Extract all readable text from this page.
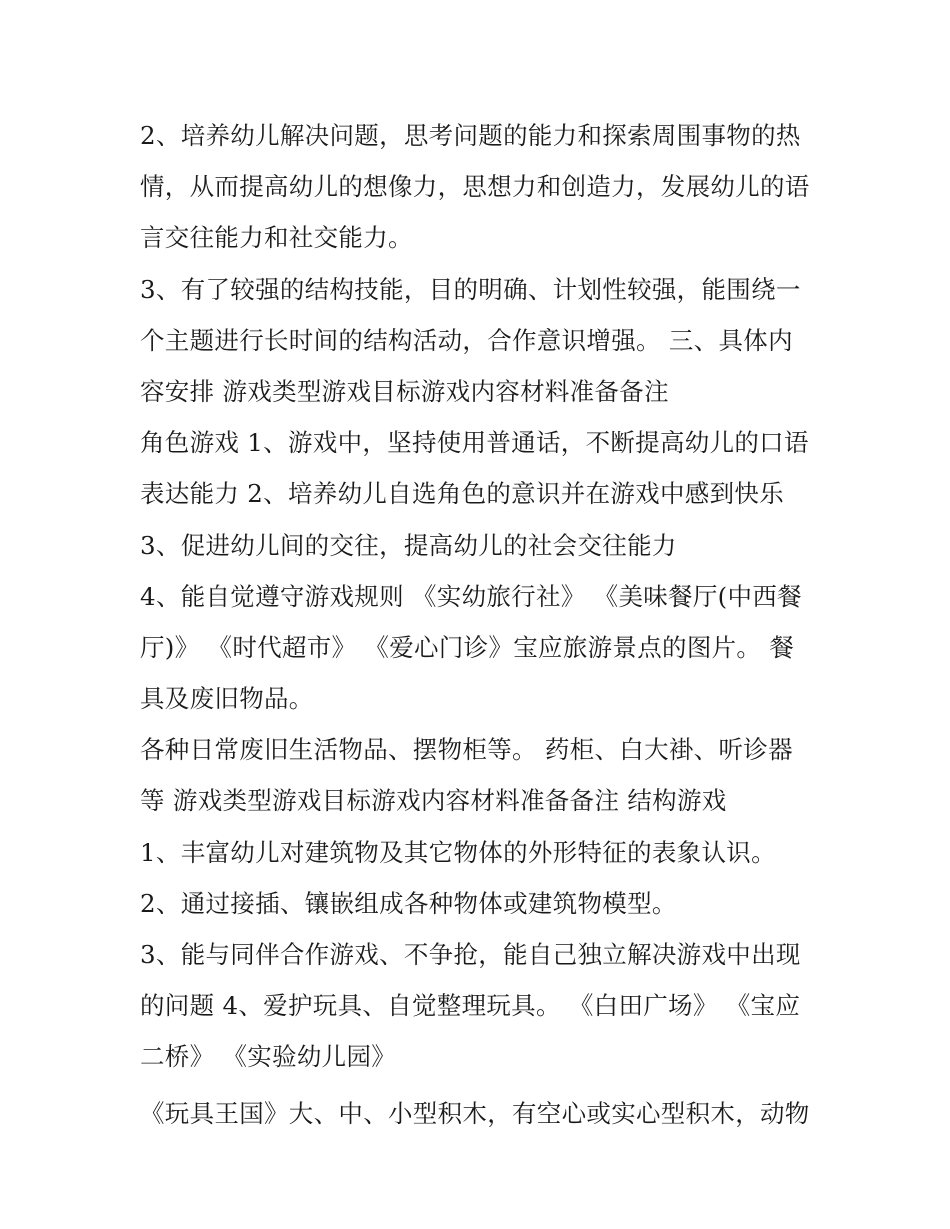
2、培养幼儿解决问题，思考问题的能力和探索周围事物的热
情，从而提高幼儿的想像力，思想力和创造力，发展幼儿的语
言交往能力和社交能力。
3、有了较强的结构技能，目的明确、计划性较强，能围绕一
个主题进行长时间的结构活动，合作意识增强。 三、具体内
容安排 游戏类型游戏目标游戏内容材料准备备注
角色游戏 1、游戏中，坚持使用普通话，不断提高幼儿的口语
表达能力 2、培养幼儿自选角色的意识并在游戏中感到快乐
3、促进幼儿间的交往，提高幼儿的社会交往能力
4、能自觉遵守游戏规则 《实幼旅行社》 《美味餐厅(中西餐
厅)》 《时代超市》 《爱心门诊》宝应旅游景点的图片。 餐
具及废旧物品。
各种日常废旧生活物品、摆物柜等。 药柜、白大褂、听诊器
等 游戏类型游戏目标游戏内容材料准备备注 结构游戏
1、丰富幼儿对建筑物及其它物体的外形特征的表象认识。
2、通过接插、镶嵌组成各种物体或建筑物模型。
3、能与同伴合作游戏、不争抢，能自己独立解决游戏中出现
的问题 4、爱护玩具、自觉整理玩具。 《白田广场》 《宝应
二桥》 《实验幼儿园》
《玩具王国》大、中、小型积木，有空心或实心型积木，动物
